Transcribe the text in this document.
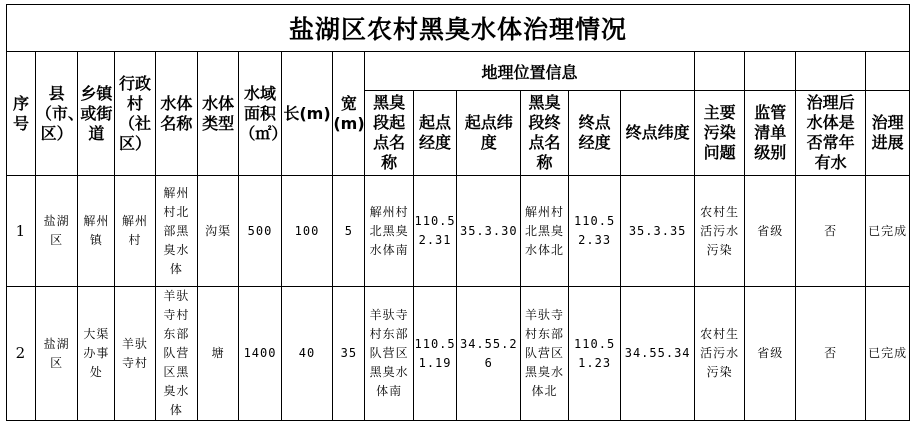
盐湖区农村黑臭水体治理情况																		
序号	县（市、区）	乡镇或街道	行政村（社区）	水体名称	水体类型	水域面积（㎡）	长(m)	宽(m)	地理位置信息									
									黑臭段起点名称	起点经度	起点纬度	黑臭段终点名称	终点经度	终点纬度	主要污染问题	监管清单级别	治理后水体是否常年有水	治理进展
1	盐湖区	解州镇	解州村	解州村北部黑臭水体	沟渠	500	100	5	解州村北黑臭水体南	110.52.31	35.3.30	解州村北黑臭水体北	110.52.33	35.3.35	农村生活污水污染	省级	否	已完成
2	盐湖区	大渠办事处	羊驮寺村	羊驮寺村东部队营区黑臭水体	塘	1400	40	35	羊驮寺村东部队营区黑臭水体南	110.51.19	34.55.26	羊驮寺村东部队营区黑臭水体北	110.51.23	34.55.34	农村生活污水污染	省级	否	已完成
